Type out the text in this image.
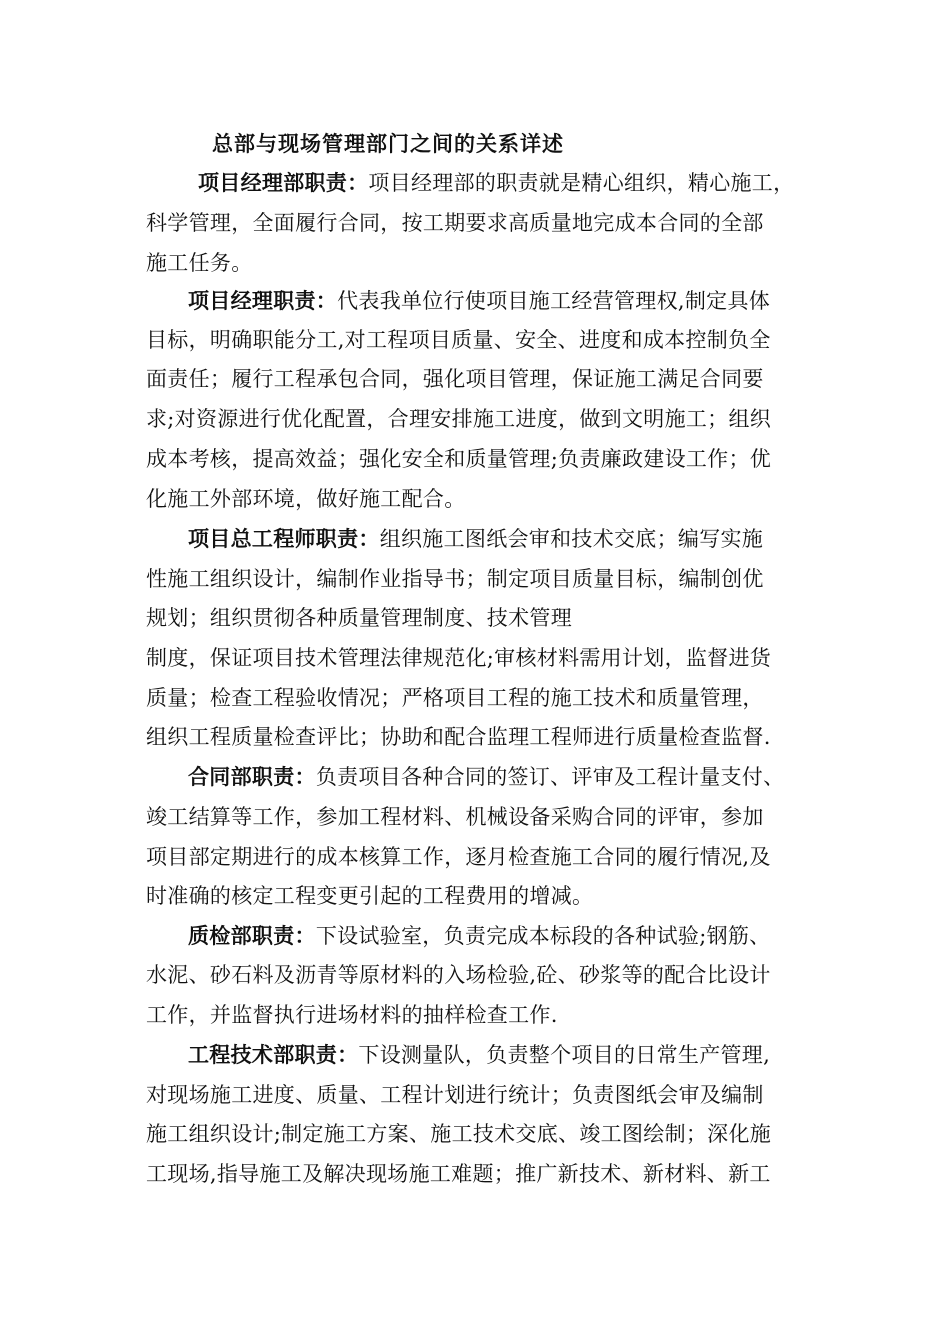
总部与现场管理部门之间的关系详述
项目经理部职责：项目经理部的职责就是精心组织，精心施工，
科学管理，全面履行合同，按工期要求高质量地完成本合同的全部
施工任务。
项目经理职责：代表我单位行使项目施工经营管理权,制定具体
目标，明确职能分工,对工程项目质量、安全、进度和成本控制负全
面责任；履行工程承包合同，强化项目管理，保证施工满足合同要
求;对资源进行优化配置，合理安排施工进度，做到文明施工；组织
成本考核，提高效益；强化安全和质量管理;负责廉政建设工作；优
化施工外部环境，做好施工配合。
项目总工程师职责：组织施工图纸会审和技术交底；编写实施
性施工组织设计，编制作业指导书；制定项目质量目标，编制创优
规划；组织贯彻各种质量管理制度、技术管理
制度，保证项目技术管理法律规范化;审核材料需用计划，监督进货
质量；检查工程验收情况；严格项目工程的施工技术和质量管理，
组织工程质量检查评比；协助和配合监理工程师进行质量检查监督.
合同部职责：负责项目各种合同的签订、评审及工程计量支付、
竣工结算等工作，参加工程材料、机械设备采购合同的评审，参加
项目部定期进行的成本核算工作，逐月检查施工合同的履行情况,及
时准确的核定工程变更引起的工程费用的增减。
质检部职责：下设试验室，负责完成本标段的各种试验;钢筋、
水泥、砂石料及沥青等原材料的入场检验,砼、砂浆等的配合比设计
工作，并监督执行进场材料的抽样检查工作.
工程技术部职责：下设测量队，负责整个项目的日常生产管理,
对现场施工进度、质量、工程计划进行统计；负责图纸会审及编制
施工组织设计;制定施工方案、施工技术交底、竣工图绘制；深化施
工现场,指导施工及解决现场施工难题；推广新技术、新材料、新工
